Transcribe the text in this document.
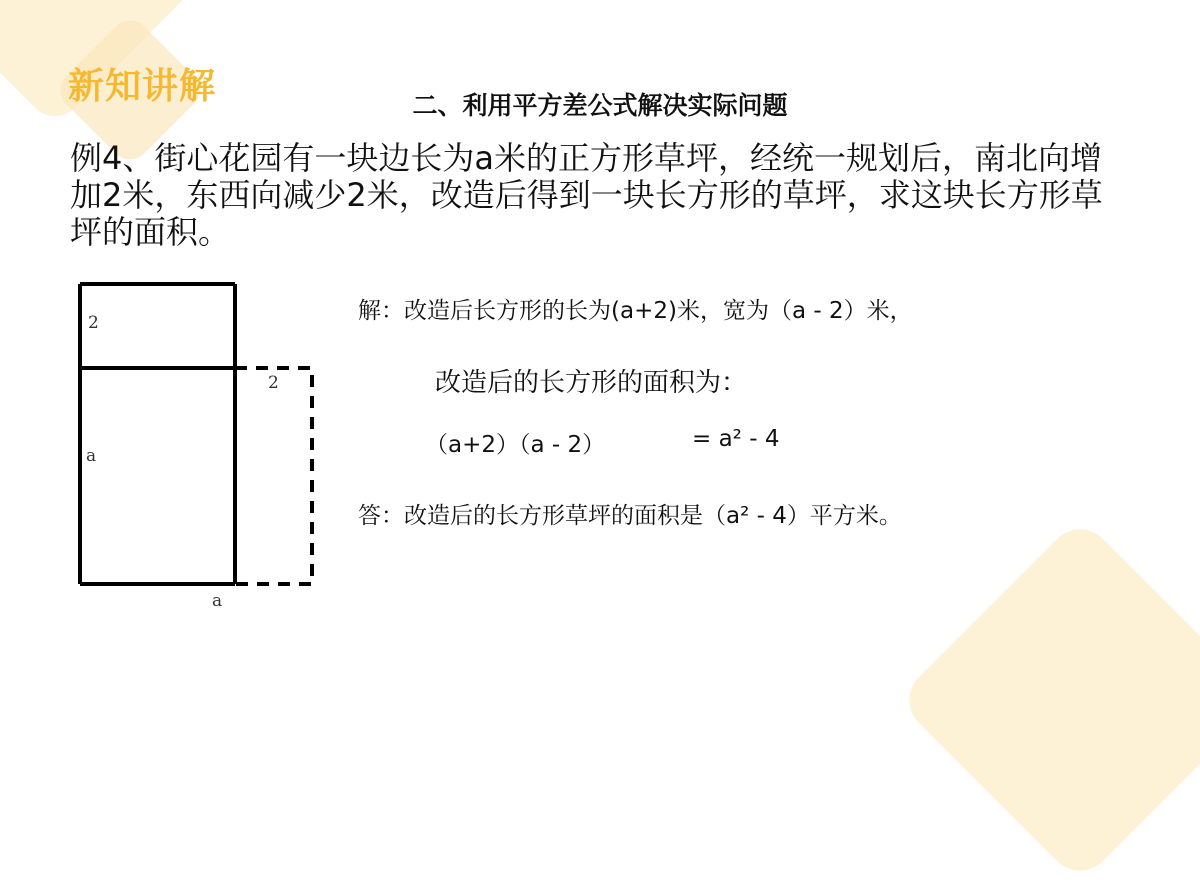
新知讲解	二、利用平方差公式解决实际问题
例4、街心花园有一块边长为a米的正方形草坪，经统一规划后，南北向增加2米，东西向减少2米，改造后得到一块长方形的草坪，求这块长方形草坪的面积。
2
a
2
a
解：改造后长方形的长为(a+2)米，宽为（a - 2）米，
改造后的长方形的面积为：
（a+2）（a - 2）	= a² - 4
答：改造后的长方形草坪的面积是（a² - 4）平方米。
